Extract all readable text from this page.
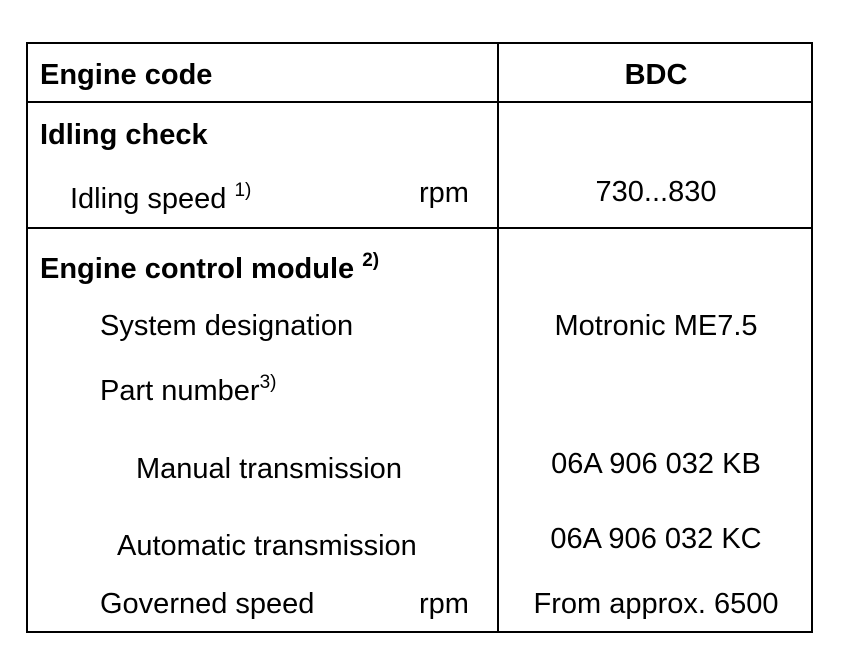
Engine code	BDC
Idling check
Idling speed $^{1)}$	rpm	730...830
Engine control module $^{2)}$
System designation	Motronic ME7.5
Part number$^{3)}$
Manual transmission	06A 906 032 KB
Automatic transmission	06A 906 032 KC
Governed speed	rpm	From approx. 6500
